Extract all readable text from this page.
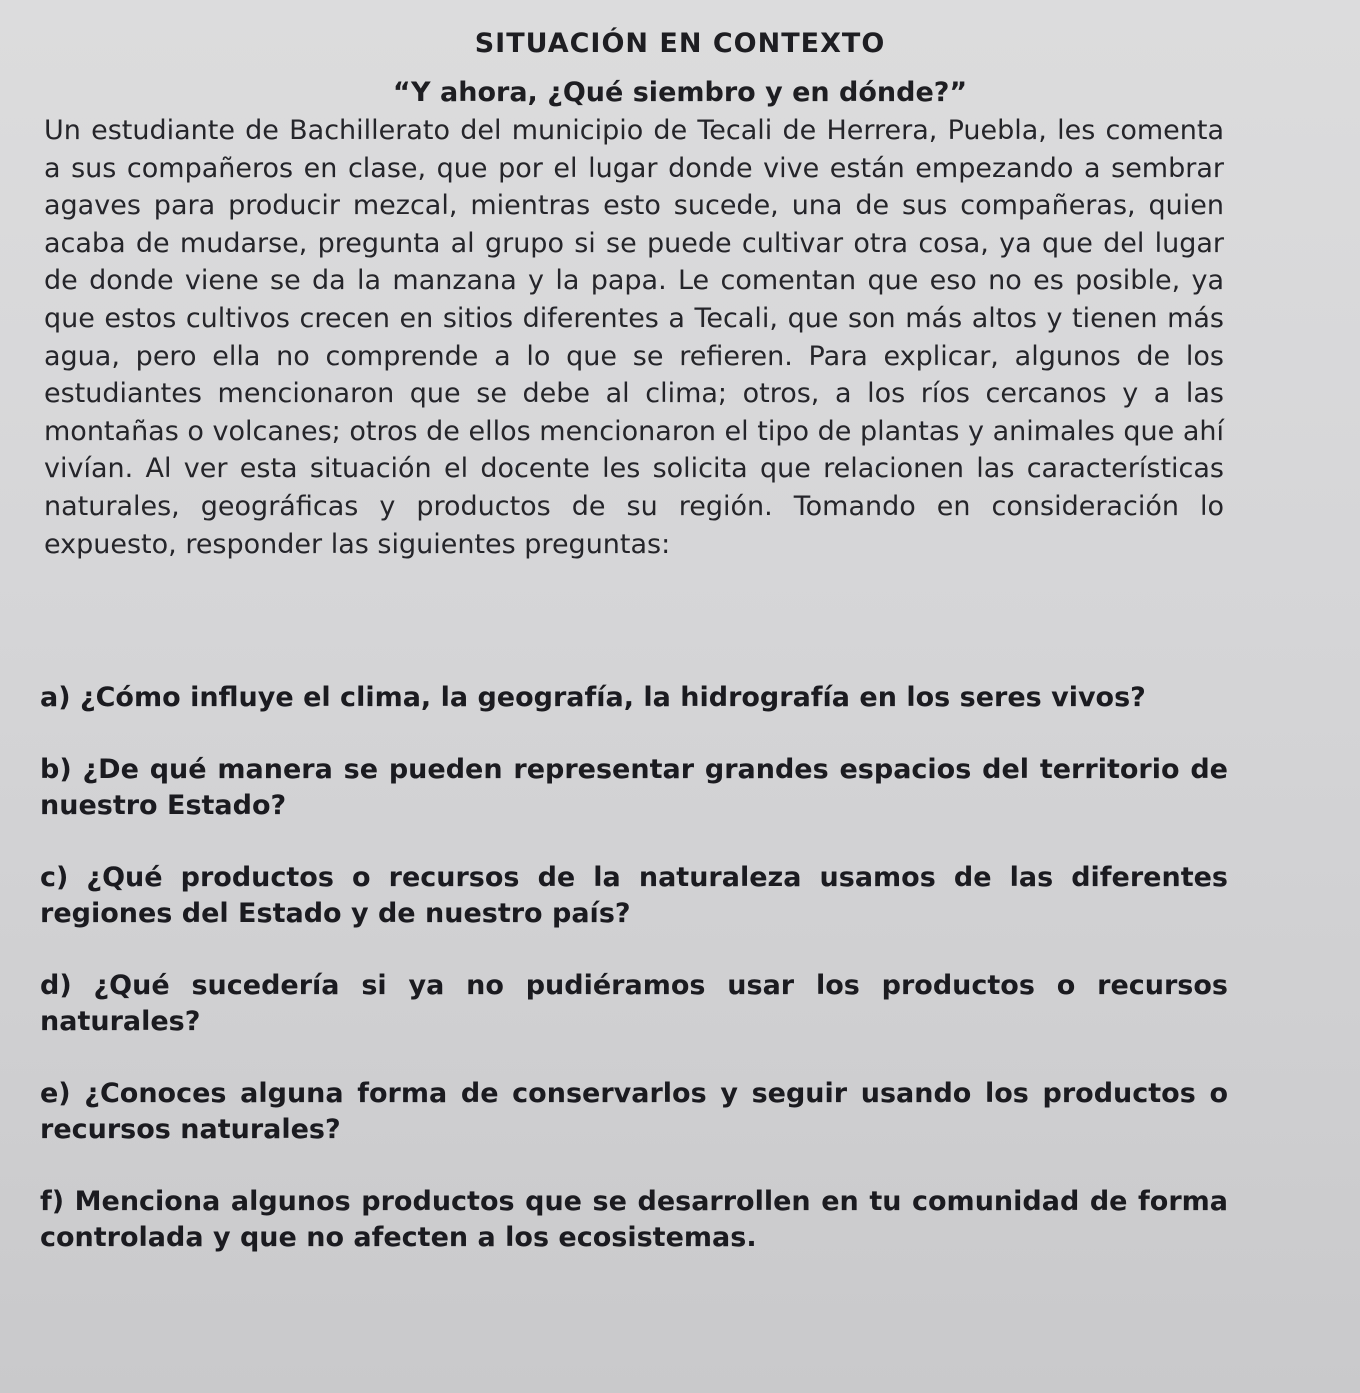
SITUACIÓN EN CONTEXTO
“Y ahora, ¿Qué siembro y en dónde?”

Un estudiante de Bachillerato del municipio de Tecali de Herrera, Puebla, les comenta a sus compañeros en clase, que por el lugar donde vive están empezando a sembrar agaves para producir mezcal, mientras esto sucede, una de sus compañeras, quien acaba de mudarse, pregunta al grupo si se puede cultivar otra cosa, ya que del lugar de donde viene se da la manzana y la papa. Le comentan que eso no es posible, ya que estos cultivos crecen en sitios diferentes a Tecali, que son más altos y tienen más agua, pero ella no comprende a lo que se refieren. Para explicar, algunos de los estudiantes mencionaron que se debe al clima; otros, a los ríos cercanos y a las montañas o volcanes; otros de ellos mencionaron el tipo de plantas y animales que ahí vivían. Al ver esta situación el docente les solicita que relacionen las características naturales, geográficas y productos de su región. Tomando en consideración lo expuesto, responder las siguientes preguntas:

a) ¿Cómo influye el clima, la geografía, la hidrografía en los seres vivos?
b) ¿De qué manera se pueden representar grandes espacios del territorio de nuestro Estado?
c) ¿Qué productos o recursos de la naturaleza usamos de las diferentes regiones del Estado y de nuestro país?
d) ¿Qué sucedería si ya no pudiéramos usar los productos o recursos naturales?
e) ¿Conoces alguna forma de conservarlos y seguir usando los productos o recursos naturales?
f) Menciona algunos productos que se desarrollen en tu comunidad de forma controlada y que no afecten a los ecosistemas.
